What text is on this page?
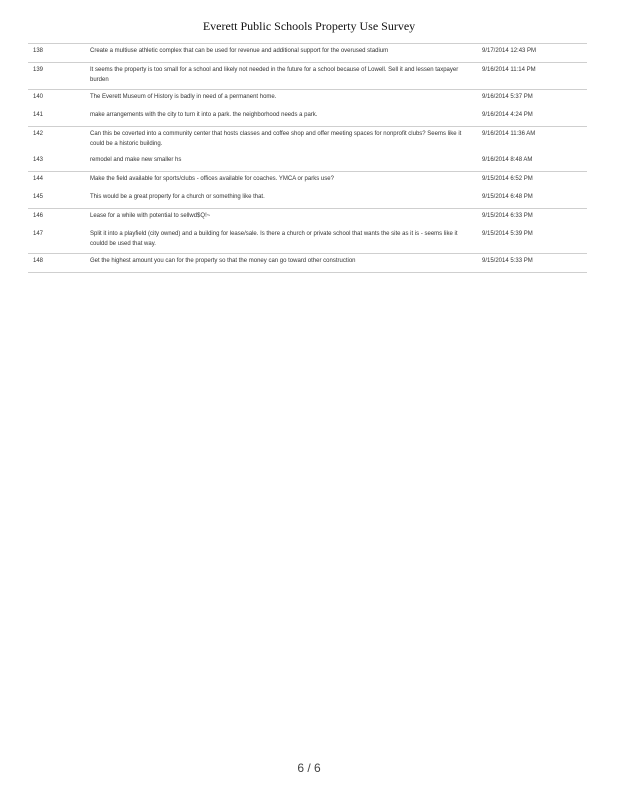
Everett Public Schools Property Use Survey
138	Create a multiuse athletic complex that can be used for revenue and additional support for the overused stadium	9/17/2014 12:43 PM
139	It seems the property is too small for a school and likely not needed in the future for a school because of Lowell. Sell it and lessen taxpayer burden	9/16/2014 11:14 PM
140	The Everett Museum of History is badly in need of a permanent home.	9/16/2014 5:37 PM
141	make arrangements with the city to turn it into a park. the neighborhood needs a park.	9/16/2014 4:24 PM
142	Can this be coverted into a community center that hosts classes and coffee shop and offer meeting spaces for nonprofit clubs? Seems like it could be a historic building.	9/16/2014 11:36 AM
143	remodel and make new smaller hs	9/16/2014 8:48 AM
144	Make the field available for sports/clubs - offices available for coaches. YMCA or parks use?	9/15/2014 6:52 PM
145	This would be a great property for a church or something like that.	9/15/2014 6:48 PM
146	Lease for a while with potential to sellwd$Q!~	9/15/2014 6:33 PM
147	Split it into a playfield (city owned) and a building for lease/sale. Is there a church or private school that wants the site as it is - seems like it couldd be used that way.	9/15/2014 5:39 PM
148	Get the highest amount you can for the property so that the money can go toward other construction	9/15/2014 5:33 PM
6 / 6
